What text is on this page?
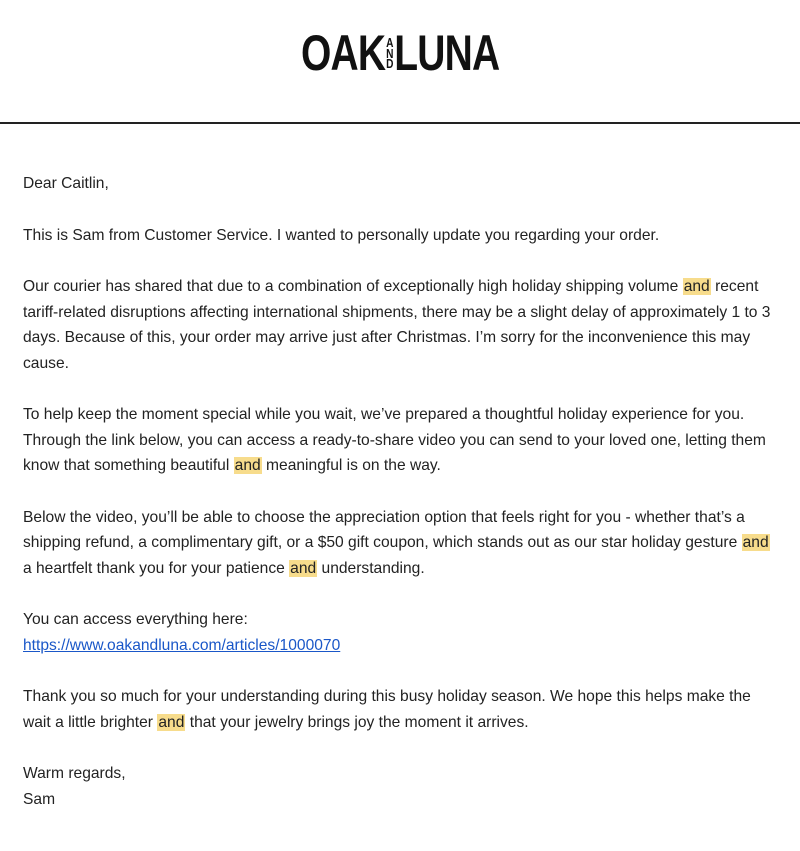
OAK A
N
D LUNA

Dear Caitlin,

This is Sam from Customer Service. I wanted to personally update you regarding your order.

Our courier has shared that due to a combination of exceptionally high holiday shipping volume and recent tariff-related disruptions affecting international shipments, there may be a slight delay of approximately 1 to 3 days. Because of this, your order may arrive just after Christmas. I’m sorry for the inconvenience this may cause.

To help keep the moment special while you wait, we’ve prepared a thoughtful holiday experience for you. Through the link below, you can access a ready-to-share video you can send to your loved one, letting them know that something beautiful and meaningful is on the way.

Below the video, you’ll be able to choose the appreciation option that feels right for you - whether that’s a shipping refund, a complimentary gift, or a $50 gift coupon, which stands out as our star holiday gesture and a heartfelt thank you for your patience and understanding.

You can access everything here:

https://www.oakandluna.com/articles/1000070

Thank you so much for your understanding during this busy holiday season. We hope this helps make the wait a little brighter and that your jewelry brings joy the moment it arrives.

Warm regards,

Sam
